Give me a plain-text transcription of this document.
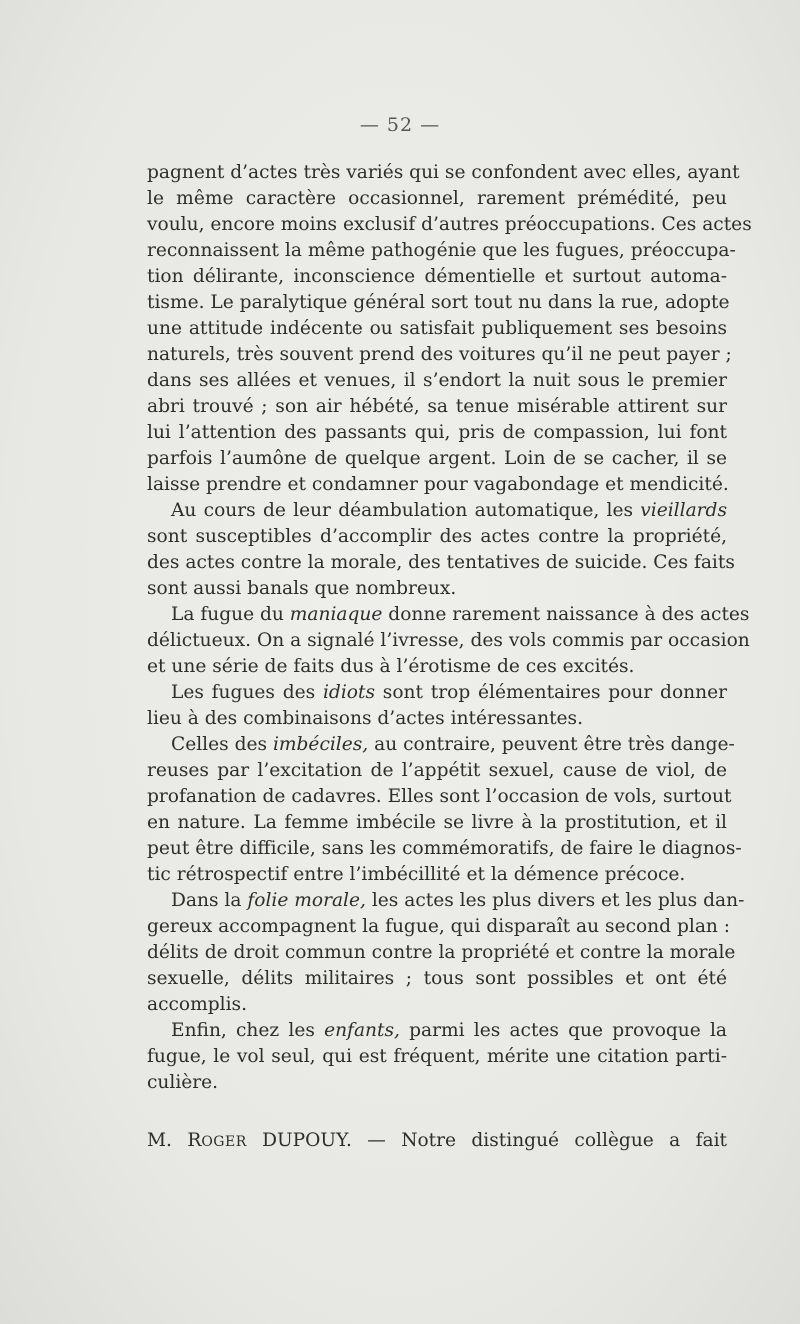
— 52 —
pagnent d’actes très variés qui se confondent avec elles, ayant
le même caractère occasionnel, rarement prémédité, peu
voulu, encore moins exclusif d’autres préoccupations. Ces actes
reconnaissent la même pathogénie que les fugues, préoccupa-
tion délirante, inconscience démentielle et surtout automa-
tisme. Le paralytique général sort tout nu dans la rue, adopte
une attitude indécente ou satisfait publiquement ses besoins
naturels, très souvent prend des voitures qu’il ne peut payer ;
dans ses allées et venues, il s’endort la nuit sous le premier
abri trouvé ; son air hébété, sa tenue misérable attirent sur
lui l’attention des passants qui, pris de compassion, lui font
parfois l’aumône de quelque argent. Loin de se cacher, il se
laisse prendre et condamner pour vagabondage et mendicité.
Au cours de leur déambulation automatique, les vieillards
sont susceptibles d’accomplir des actes contre la propriété,
des actes contre la morale, des tentatives de suicide. Ces faits
sont aussi banals que nombreux.
La fugue du maniaque donne rarement naissance à des actes
délictueux. On a signalé l’ivresse, des vols commis par occasion
et une série de faits dus à l’érotisme de ces excités.
Les fugues des idiots sont trop élémentaires pour donner
lieu à des combinaisons d’actes intéressantes.
Celles des imbéciles, au contraire, peuvent être très dange-
reuses par l’excitation de l’appétit sexuel, cause de viol, de
profanation de cadavres. Elles sont l’occasion de vols, surtout
en nature. La femme imbécile se livre à la prostitution, et il
peut être difficile, sans les commémoratifs, de faire le diagnos-
tic rétrospectif entre l’imbécillité et la démence précoce.
Dans la folie morale, les actes les plus divers et les plus dan-
gereux accompagnent la fugue, qui disparaît au second plan :
délits de droit commun contre la propriété et contre la morale
sexuelle, délits militaires ; tous sont possibles et ont été
accomplis.
Enfin, chez les enfants, parmi les actes que provoque la
fugue, le vol seul, qui est fréquent, mérite une citation parti-
culière.
M. ROGER DUPOUY. — Notre distingué collègue a fait
